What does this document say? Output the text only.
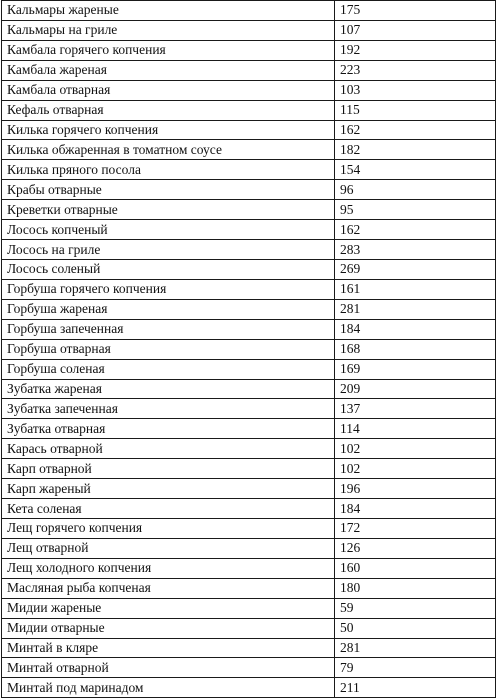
Кальмары жареные	175
Кальмары на гриле	107
Камбала горячего копчения	192
Камбала жареная	223
Камбала отварная	103
Кефаль отварная	115
Килька горячего копчения	162
Килька обжаренная в томатном соусе	182
Килька пряного посола	154
Крабы отварные	96
Креветки отварные	95
Лосось копченый	162
Лосось на гриле	283
Лосось соленый	269
Горбуша горячего копчения	161
Горбуша жареная	281
Горбуша запеченная	184
Горбуша отварная	168
Горбуша соленая	169
Зубатка жареная	209
Зубатка запеченная	137
Зубатка отварная	114
Карась отварной	102
Карп отварной	102
Карп жареный	196
Кета соленая	184
Лещ горячего копчения	172
Лещ отварной	126
Лещ холодного копчения	160
Масляная рыба копченая	180
Мидии жареные	59
Мидии отварные	50
Минтай в кляре	281
Минтай отварной	79
Минтай под маринадом	211
